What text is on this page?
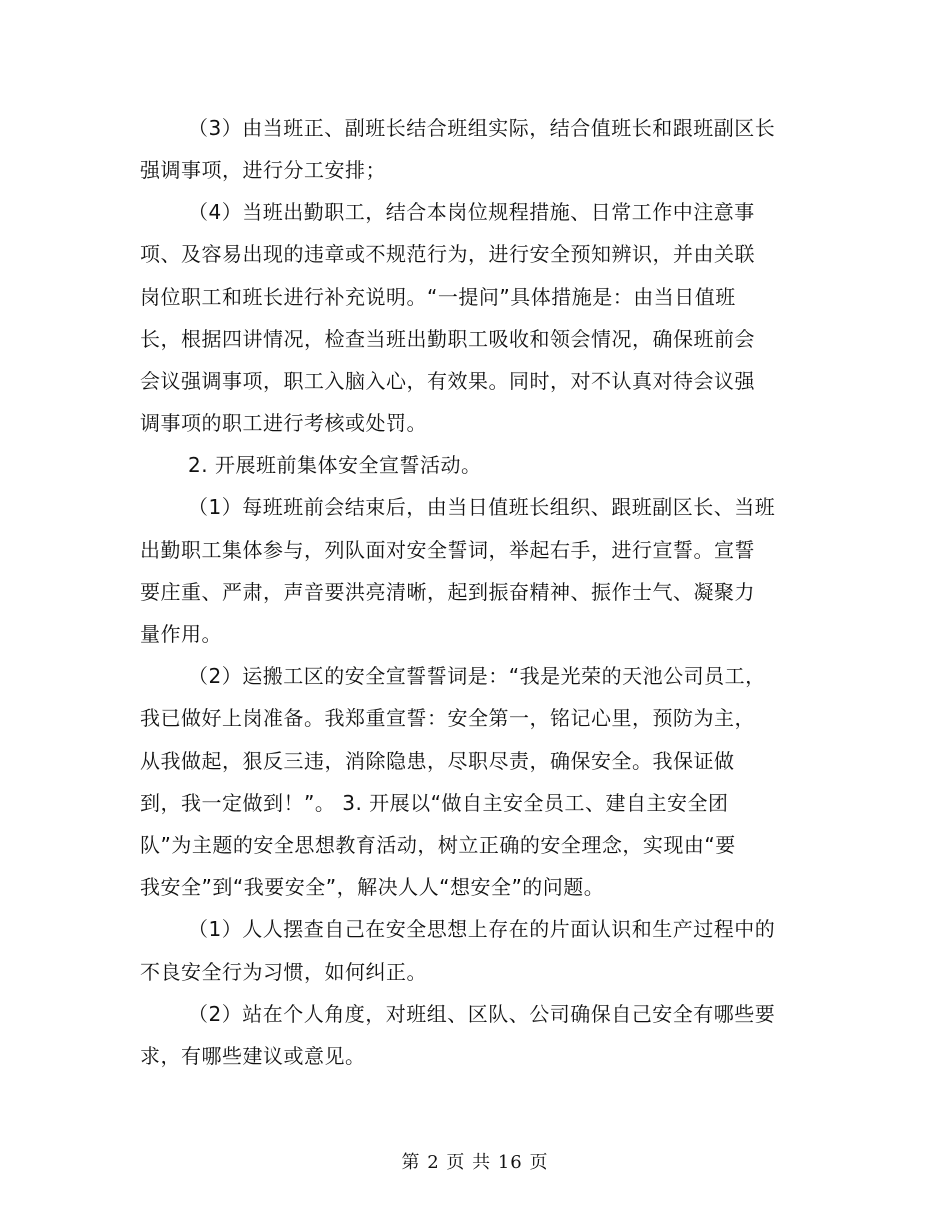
（3）由当班正、副班长结合班组实际，结合值班长和跟班副区长
强调事项，进行分工安排；
（4）当班出勤职工，结合本岗位规程措施、日常工作中注意事
项、及容易出现的违章或不规范行为，进行安全预知辨识，并由关联
岗位职工和班长进行补充说明。“一提问”具体措施是：由当日值班
长，根据四讲情况，检查当班出勤职工吸收和领会情况，确保班前会
会议强调事项，职工入脑入心，有效果。同时，对不认真对待会议强
调事项的职工进行考核或处罚。
2. 开展班前集体安全宣誓活动。
（1）每班班前会结束后，由当日值班长组织、跟班副区长、当班
出勤职工集体参与，列队面对安全誓词，举起右手，进行宣誓。宣誓
要庄重、严肃，声音要洪亮清晰，起到振奋精神、振作士气、凝聚力
量作用。
（2）运搬工区的安全宣誓誓词是：“我是光荣的天池公司员工，
我已做好上岗准备。我郑重宣誓：安全第一，铭记心里，预防为主，
从我做起，狠反三违，消除隐患，尽职尽责，确保安全。我保证做
到，我一定做到！”。 3. 开展以“做自主安全员工、建自主安全团
队”为主题的安全思想教育活动，树立正确的安全理念，实现由“要
我安全”到“我要安全”，解决人人“想安全”的问题。
（1）人人摆查自己在安全思想上存在的片面认识和生产过程中的
不良安全行为习惯，如何纠正。
（2）站在个人角度，对班组、区队、公司确保自己安全有哪些要
求，有哪些建议或意见。
第 2 页 共 16 页
